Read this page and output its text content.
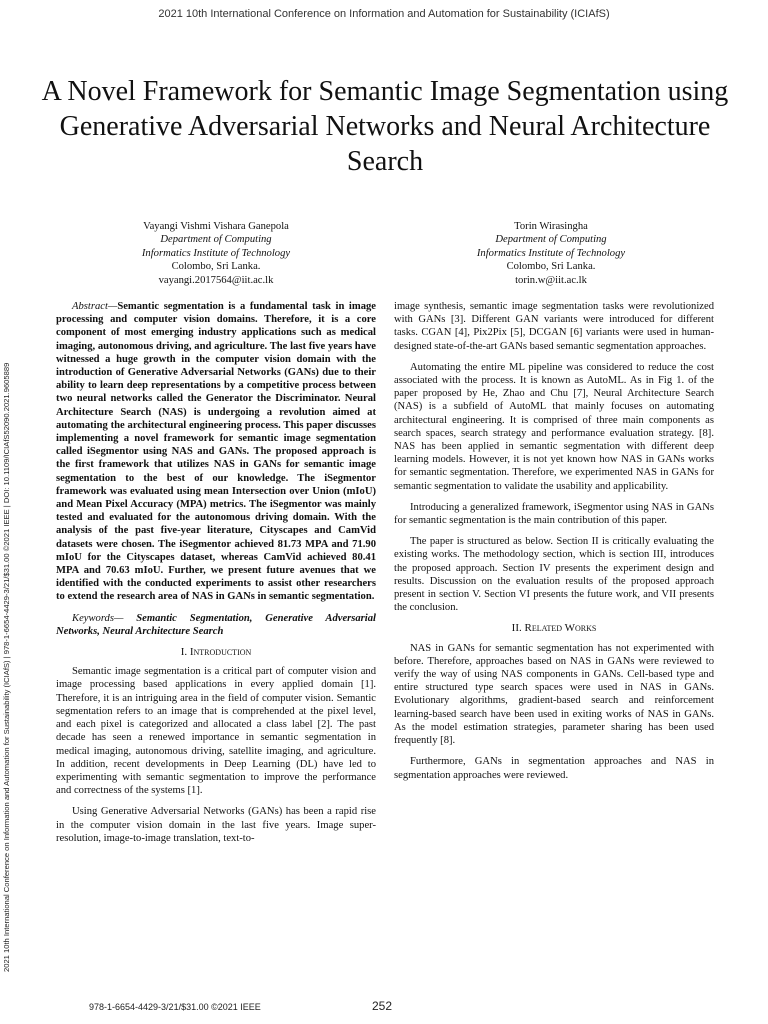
2021 10th International Conference on Information and Automation for Sustainability (ICIAfS)
2021 10th International Conference on Information and Automation for Sustainability (ICIAfS) | 978-1-6654-4429-3/21/$31.00 ©2021 IEEE | DOI: 10.1109/ICIAfS52090.2021.9605889
A Novel Framework for Semantic Image Segmentation using Generative Adversarial Networks and Neural Architecture Search
Vayangi Vishmi Vishara Ganepola
Department of Computing
Informatics Institute of Technology
Colombo, Sri Lanka.
vayangi.2017564@iit.ac.lk
Torin Wirasingha
Department of Computing
Informatics Institute of Technology
Colombo, Sri Lanka.
torin.w@iit.ac.lk

Abstract—Semantic segmentation is a fundamental task in image processing and computer vision domains. Therefore, it is a core component of most emerging industry applications such as medical imaging, autonomous driving, and agriculture. The last five years have witnessed a huge growth in the computer vision domain with the introduction of Generative Adversarial Networks (GANs) due to their ability to learn deep representations by a competitive process between two neural networks called the Generator the Discriminator. Neural Architecture Search (NAS) is undergoing a revolution aimed at automating the architectural engineering process. This paper discusses implementing a novel framework for semantic image segmentation called iSegmentor using NAS and GANs. The proposed approach is the first framework that utilizes NAS in GANs for semantic image segmentation to the best of our knowledge. The iSegmentor framework was evaluated using mean Intersection over Union (mIoU) and Mean Pixel Accuracy (MPA) metrics. The iSegmentor was mainly tested and evaluated for the autonomous driving domain. With the analysis of the past five-year literature, Cityscapes and CamVid datasets were chosen. The iSegmentor achieved 81.73 MPA and 71.90 mIoU for the Cityscapes dataset, whereas CamVid achieved 80.41 MPA and 70.63 mIoU. Further, we present future avenues that we identified with the conducted experiments to assist other researchers to extend the research area of NAS in GANs in semantic segmentation.

Keywords— Semantic Segmentation, Generative Adversarial Networks, Neural Architecture Search

I. Introduction

Semantic image segmentation is a critical part of computer vision and image processing based applications in every applied domain [1]. Therefore, it is an intriguing area in the field of computer vision. Semantic segmentation refers to an image that is comprehended at the pixel level, and each pixel is categorized and allocated a class label [2]. The past decade has seen a renewed importance in semantic segmentation in medical imaging, autonomous driving, satellite imaging, and agriculture. In addition, recent developments in Deep Learning (DL) have led to experimenting with semantic segmentation to improve the performance and correctness of the systems [1].

Using Generative Adversarial Networks (GANs) has been a rapid rise in the computer vision domain in the last five years. Image super-resolution, image-to-image translation, text-to-

image synthesis, semantic image segmentation tasks were revolutionized with GANs [3]. Different GAN variants were introduced for different tasks. CGAN [4], Pix2Pix [5], DCGAN [6] variants were used in human-designed state-of-the-art GANs based semantic segmentation approaches.

Automating the entire ML pipeline was considered to reduce the cost associated with the process. It is known as AutoML. As in Fig 1. of the paper proposed by He, Zhao and Chu [7], Neural Architecture Search (NAS) is a subfield of AutoML that mainly focuses on automating architectural engineering. It is comprised of three main components as search spaces, search strategy and performance evaluation strategy. [8]. NAS has been applied in semantic segmentation with different deep learning models. However, it is not yet known how NAS in GANs works for semantic segmentation. Therefore, we experimented NAS in GANs for semantic segmentation to validate the usability and applicability.

Introducing a generalized framework, iSegmentor using NAS in GANs for semantic segmentation is the main contribution of this paper.

The paper is structured as below. Section II is critically evaluating the existing works. The methodology section, which is section III, introduces the proposed approach. Section IV presents the experiment design and results. Discussion on the evaluation results of the proposed approach present in section V. Section VI presents the future work, and VII presents the conclusion.

II. Related Works

NAS in GANs for semantic segmentation has not experimented with before. Therefore, approaches based on NAS in GANs were reviewed to verify the way of using NAS components in GANs. Cell-based type and entire structured type search spaces were used in NAS in GANs. Evolutionary algorithms, gradient-based search and reinforcement learning-based search have been used in exiting works of NAS in GANs. As the model estimation strategies, parameter sharing has been used frequently [8].

Furthermore, GANs in segmentation approaches and NAS in segmentation approaches were reviewed.

978-1-6654-4429-3/21/$31.00 ©2021 IEEE	252
